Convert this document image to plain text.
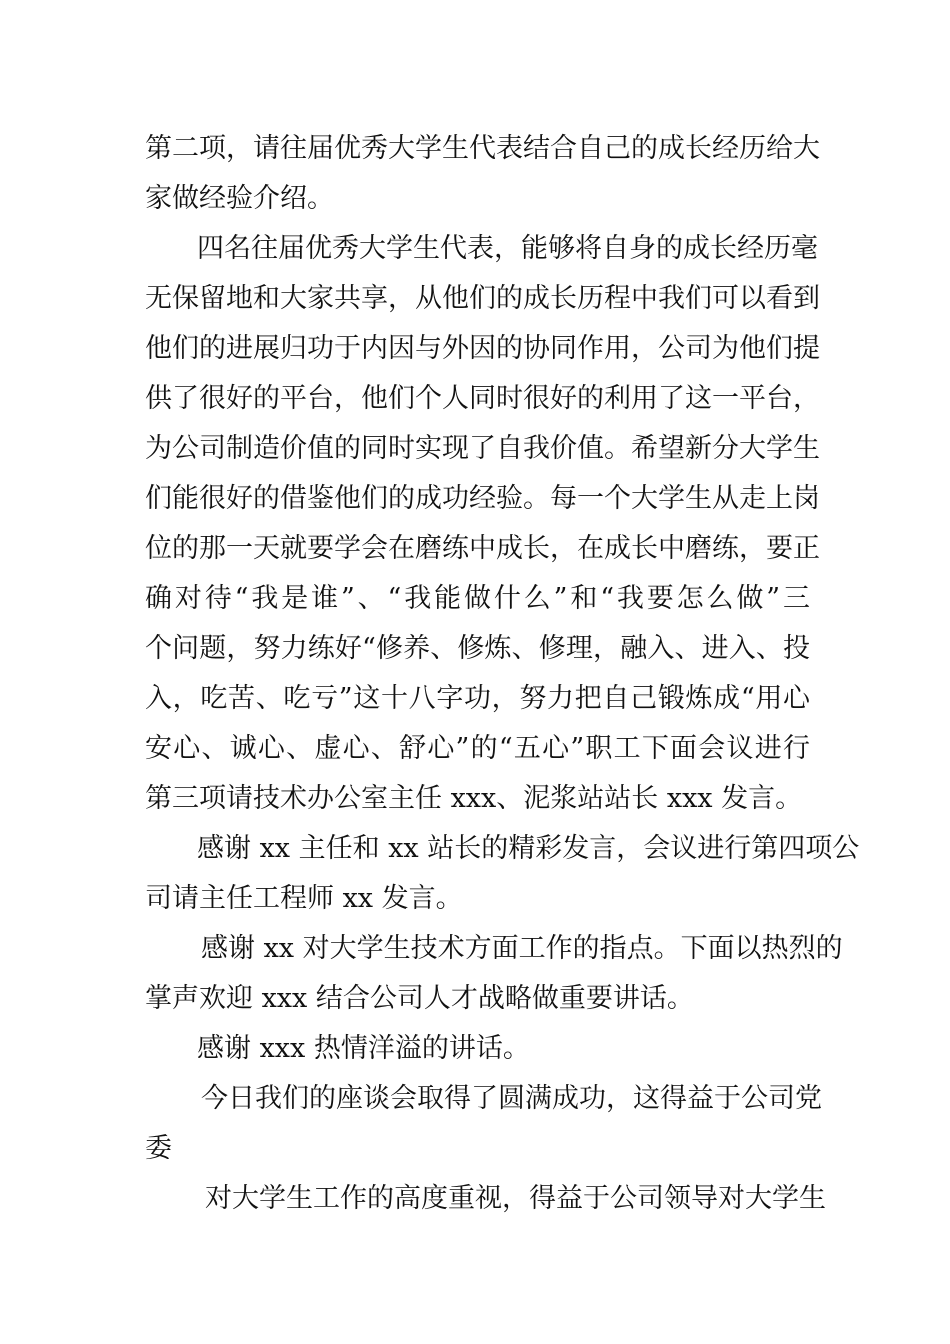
第二项，请往届优秀大学生代表结合自己的成长经历给大
家做经验介绍。
四名往届优秀大学生代表，能够将自身的成长经历毫
无保留地和大家共享，从他们的成长历程中我们可以看到
他们的进展归功于内因与外因的协同作用，公司为他们提
供了很好的平台，他们个人同时很好的利用了这一平台，
为公司制造价值的同时实现了自我价值。希望新分大学生
们能很好的借鉴他们的成功经验。每一个大学生从走上岗
位的那一天就要学会在磨练中成长，在成长中磨练，要正
确对待“我是谁”、“我能做什么”和“我要怎么做”三
个问题，努力练好“修养、修炼、修理，融入、进入、投
入，吃苦、吃亏”这十八字功，努力把自己锻炼成“用心
安心、诚心、虚心、舒心”的“五心”职工下面会议进行
第三项请技术办公室主任 xxx、泥浆站站长 xxx 发言。
感谢 xx 主任和 xx 站长的精彩发言，会议进行第四项公
司请主任工程师 xx 发言。
感谢 xx 对大学生技术方面工作的指点。下面以热烈的
掌声欢迎 xxx 结合公司人才战略做重要讲话。
感谢 xxx 热情洋溢的讲话。
今日我们的座谈会取得了圆满成功，这得益于公司党
委
对大学生工作的高度重视，得益于公司领导对大学生
